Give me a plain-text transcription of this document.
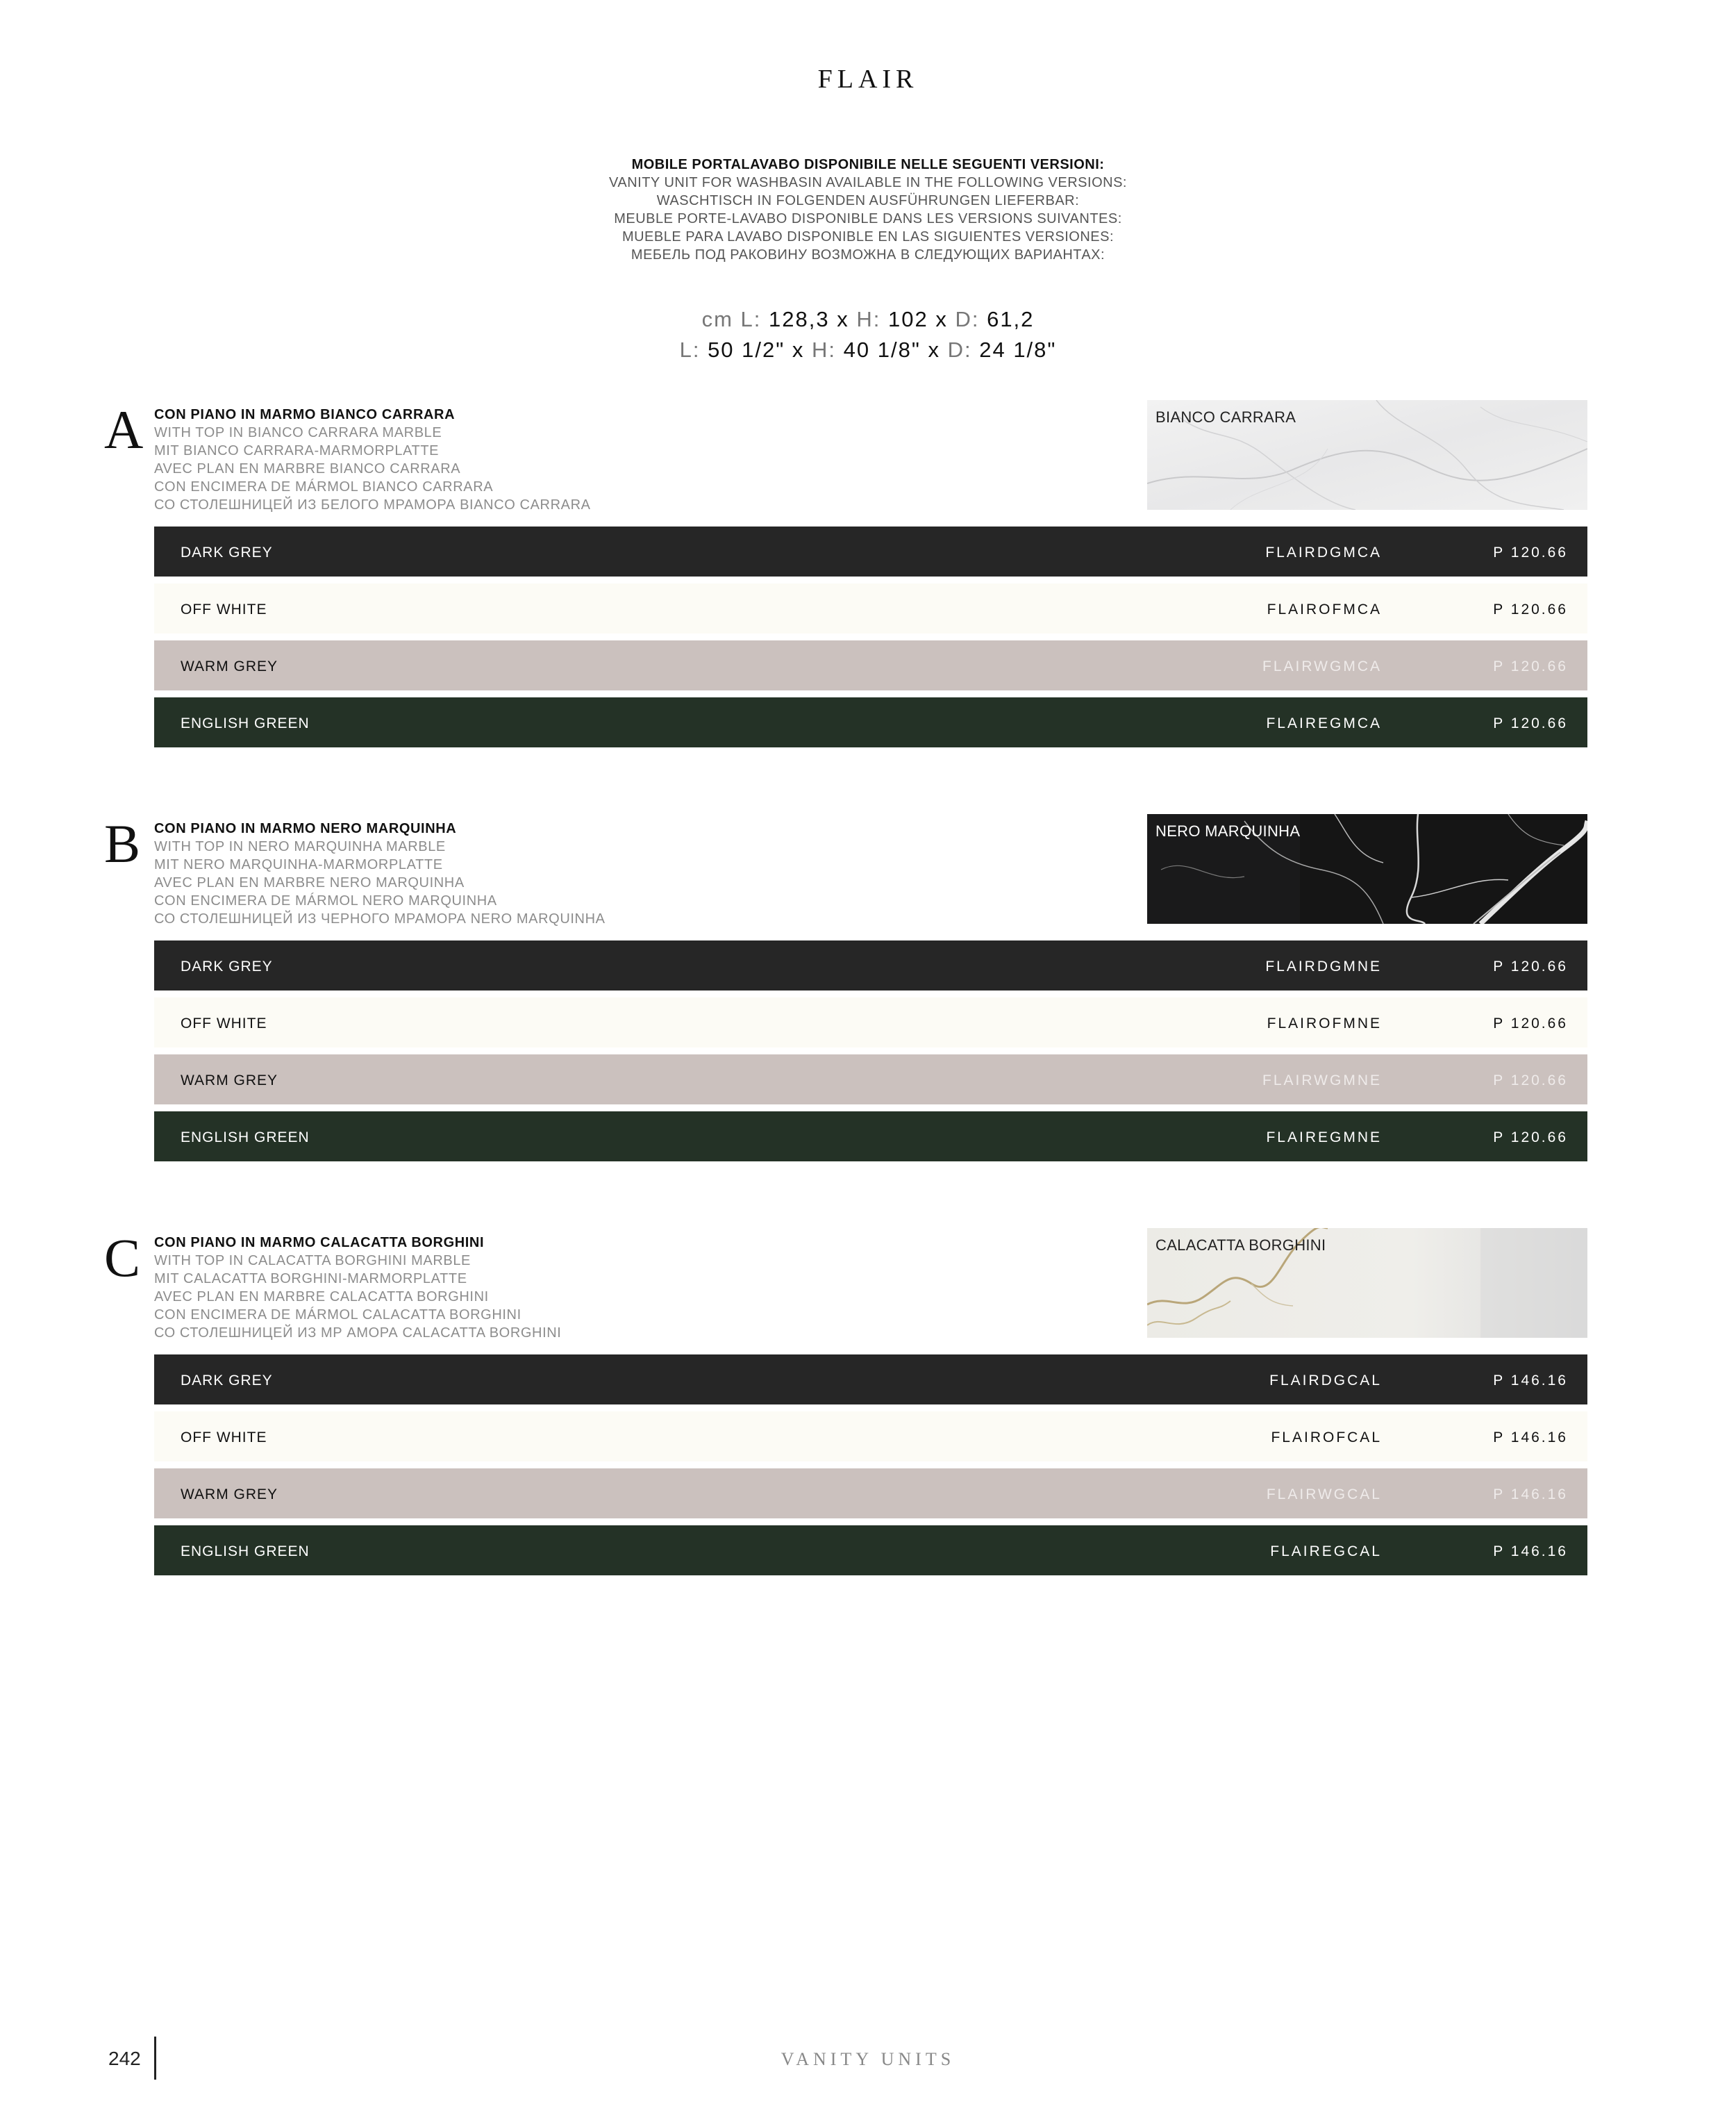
FLAIR
MOBILE PORTALAVABO DISPONIBILE NELLE SEGUENTI VERSIONI:
VANITY UNIT FOR WASHBASIN AVAILABLE IN THE FOLLOWING VERSIONS:
WASCHTISCH IN FOLGENDEN AUSFÜHRUNGEN LIEFERBAR:
MEUBLE PORTE-LAVABO DISPONIBLE DANS LES VERSIONS SUIVANTES:
MUEBLE PARA LAVABO DISPONIBLE EN LAS SIGUIENTES VERSIONES:
МЕБЕЛЬ ПОД РАКОВИНУ ВОЗМОЖНА В СЛЕДУЮЩИХ ВАРИАНТАХ:
cm L: 128,3 x H: 102 x D: 61,2
L: 50 1/2" x H: 40 1/8" x D: 24 1/8"
A CON PIANO IN MARMO BIANCO CARRARA
WITH TOP IN BIANCO CARRARA MARBLE
MIT BIANCO CARRARA-MARMORPLATTE
AVEC PLAN EN MARBRE BIANCO CARRARA
CON ENCIMERA DE MÁRMOL BIANCO CARRARA
СО СТОЛЕШНИЦЕЙ ИЗ БЕЛОГО МРАМОРА BIANCO CARRARA
BIANCO CARRARA
DARK GREY	FLAIRDGMCA	P 120.66
OFF WHITE	FLAIROFMCA	P 120.66
WARM GREY	FLAIRWGMCA	P 120.66
ENGLISH GREEN	FLAIREGMCA	P 120.66
B CON PIANO IN MARMO NERO MARQUINHA
WITH TOP IN NERO MARQUINHA MARBLE
MIT NERO MARQUINHA-MARMORPLATTE
AVEC PLAN EN MARBRE NERO MARQUINHA
CON ENCIMERA DE MÁRMOL NERO MARQUINHA
СО СТОЛЕШНИЦЕЙ ИЗ ЧЕРНОГО МРАМОРА NERO MARQUINHA
NERO MARQUINHA
DARK GREY	FLAIRDGMNE	P 120.66
OFF WHITE	FLAIROFMNE	P 120.66
WARM GREY	FLAIRWGMNE	P 120.66
ENGLISH GREEN	FLAIREGMNE	P 120.66
C CON PIANO IN MARMO CALACATTA BORGHINI
WITH TOP IN CALACATTA BORGHINI MARBLE
MIT CALACATTA BORGHINI-MARMORPLATTE
AVEC PLAN EN MARBRE CALACATTA BORGHINI
CON ENCIMERA DE MÁRMOL CALACATTA BORGHINI
СО СТОЛЕШНИЦЕЙ ИЗ МР АМОРА CALACATTA BORGHINI
CALACATTA BORGHINI
DARK GREY	FLAIRDGCAL	P 146.16
OFF WHITE	FLAIROFCAL	P 146.16
WARM GREY	FLAIRWGCAL	P 146.16
ENGLISH GREEN	FLAIREGCAL	P 146.16
242	VANITY UNITS
